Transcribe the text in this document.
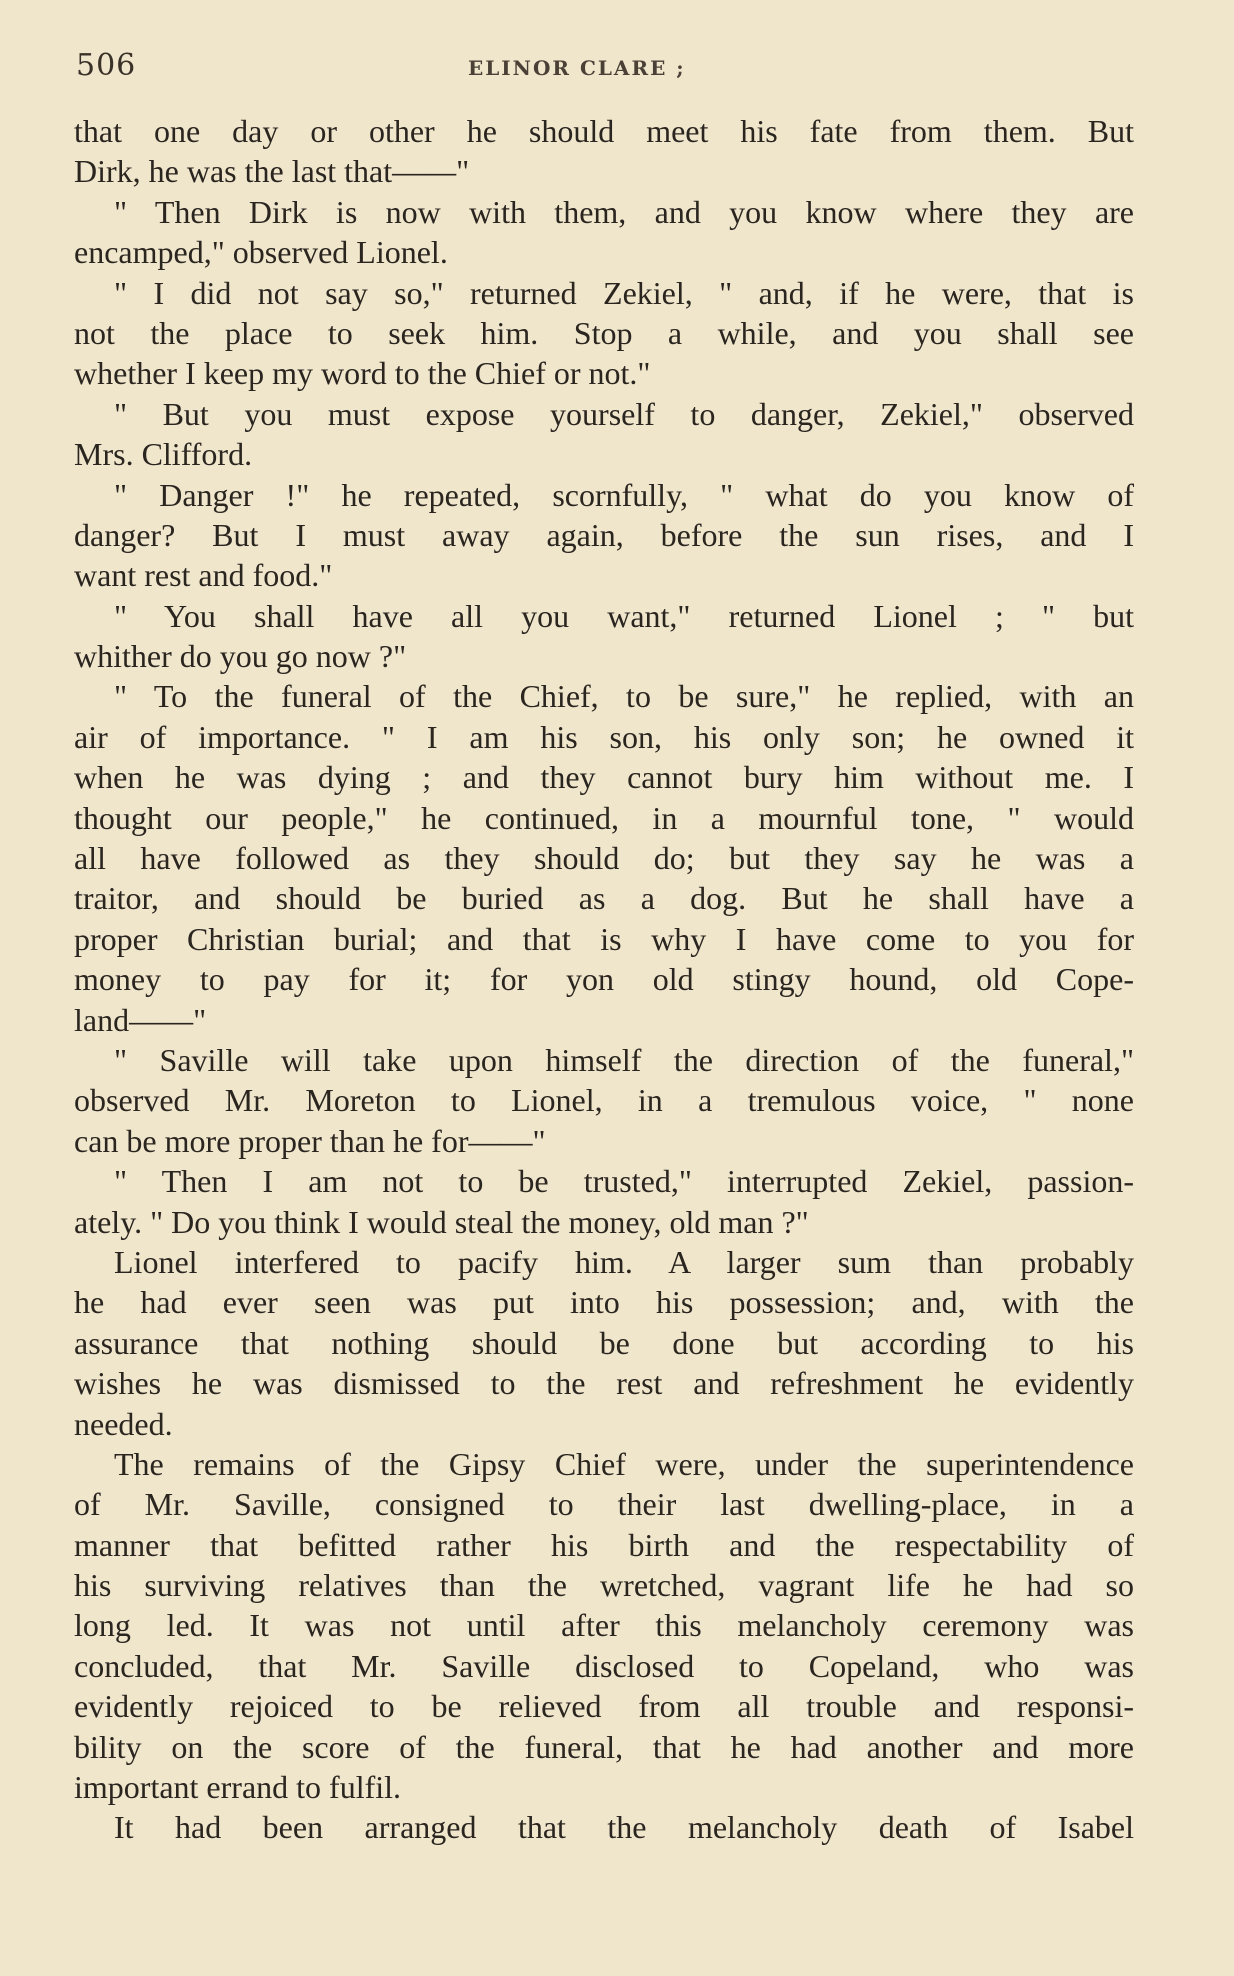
506	ELINOR CLARE ;
that one day or other he should meet his fate from them. But
Dirk, he was the last that——"
" Then Dirk is now with them, and you know where they are
encamped," observed Lionel.
" I did not say so," returned Zekiel, " and, if he were, that is
not the place to seek him. Stop a while, and you shall see
whether I keep my word to the Chief or not."
" But you must expose yourself to danger, Zekiel," observed
Mrs. Clifford.
" Danger !" he repeated, scornfully, " what do you know of
danger? But I must away again, before the sun rises, and I
want rest and food."
" You shall have all you want," returned Lionel ; " but
whither do you go now ?"
" To the funeral of the Chief, to be sure," he replied, with an
air of importance. " I am his son, his only son; he owned it
when he was dying ; and they cannot bury him without me. I
thought our people," he continued, in a mournful tone, " would
all have followed as they should do; but they say he was a
traitor, and should be buried as a dog. But he shall have a
proper Christian burial; and that is why I have come to you for
money to pay for it; for yon old stingy hound, old Cope-
land——"
" Saville will take upon himself the direction of the funeral,"
observed Mr. Moreton to Lionel, in a tremulous voice, " none
can be more proper than he for——"
" Then I am not to be trusted," interrupted Zekiel, passion-
ately. " Do you think I would steal the money, old man ?"
Lionel interfered to pacify him. A larger sum than probably
he had ever seen was put into his possession; and, with the
assurance that nothing should be done but according to his
wishes he was dismissed to the rest and refreshment he evidently
needed.
The remains of the Gipsy Chief were, under the superintendence
of Mr. Saville, consigned to their last dwelling-place, in a
manner that befitted rather his birth and the respectability of
his surviving relatives than the wretched, vagrant life he had so
long led. It was not until after this melancholy ceremony was
concluded, that Mr. Saville disclosed to Copeland, who was
evidently rejoiced to be relieved from all trouble and responsi-
bility on the score of the funeral, that he had another and more
important errand to fulfil.
It had been arranged that the melancholy death of Isabel
